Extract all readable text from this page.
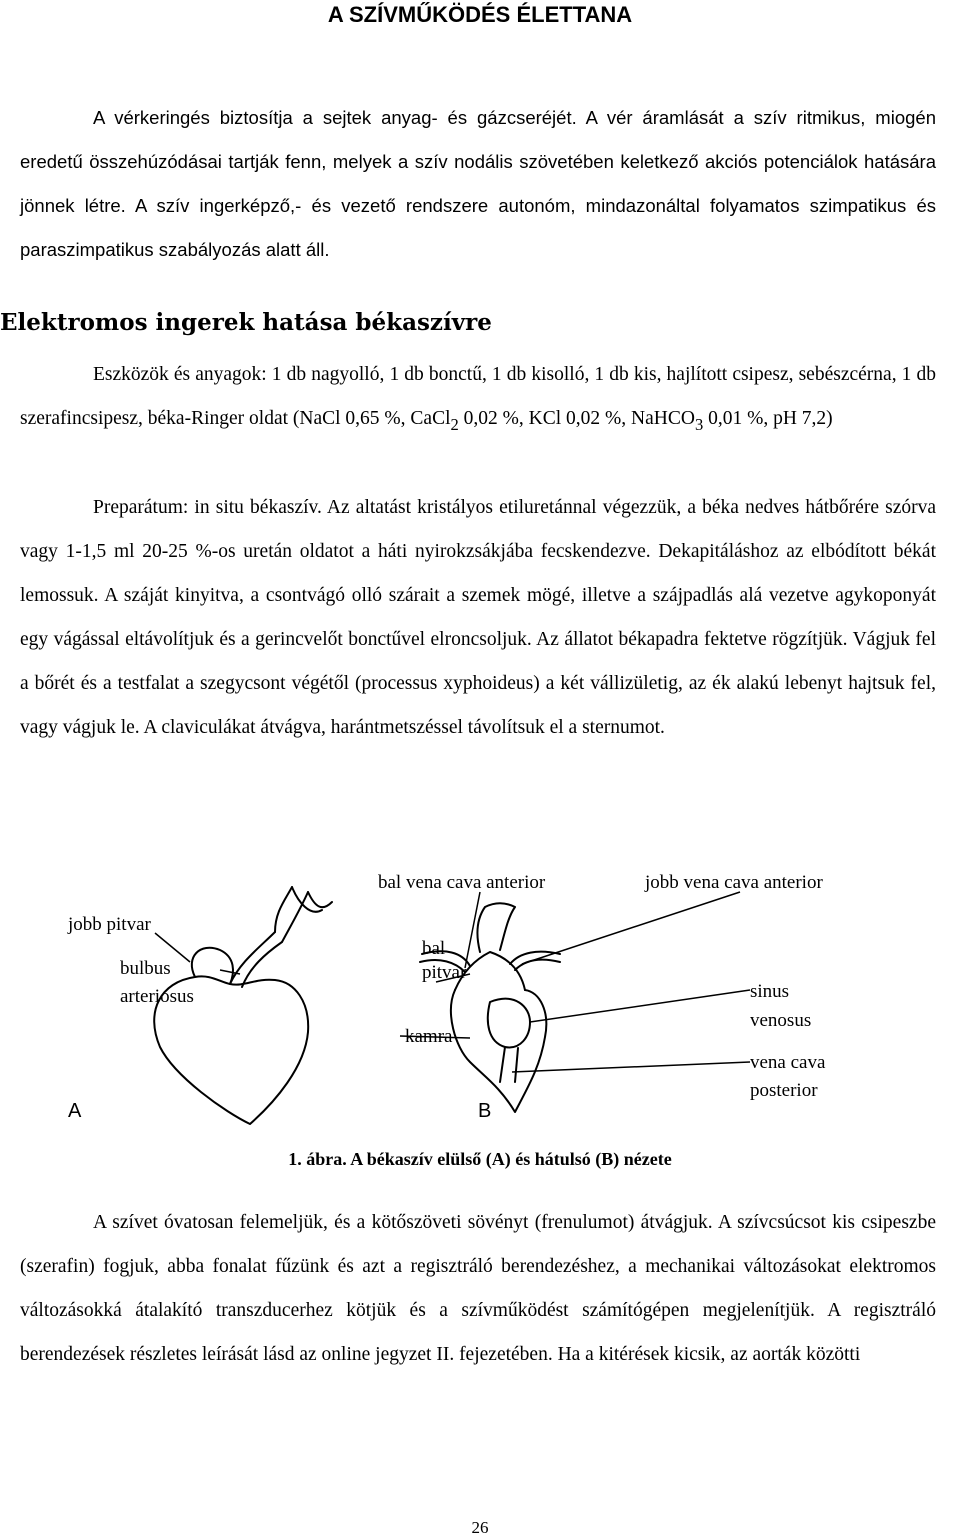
A SZÍVMŰKÖDÉS ÉLETTANA

A vérkeringés biztosítja a sejtek anyag- és gázcseréjét. A vér áramlását a szív ritmikus, miogén eredetű összehúzódásai tartják fenn, melyek a szív nodális szövetében keletkező akciós potenciálok hatására jönnek létre. A szív ingerképző,- és vezető rendszere autonóm, mindazonáltal folyamatos szimpatikus és paraszimpatikus szabályozás alatt áll.

Elektromos ingerek hatása békaszívre

Eszközök és anyagok: 1 db nagyolló, 1 db bonctű, 1 db kisolló, 1 db kis, hajlított csipesz, sebészcérna, 1 db szerafincsipesz, béka-Ringer oldat (NaCl 0,65 %, CaCl$_2$ 0,02 %, KCl 0,02 %, NaHCO$_3$ 0,01 %, pH 7,2)

Preparátum: in situ békaszív. Az altatást kristályos etiluretánnal végezzük, a béka nedves hátbőrére szórva vagy 1-1,5 ml 20-25 %-os uretán oldatot a háti nyirokzsákjába fecskendezve. Dekapitáláshoz az elbódított békát lemossuk. A száját kinyitva, a csontvágó olló szárait a szemek mögé, illetve a szájpadlás alá vezetve agykoponyát egy vágással eltávolítjuk és a gerincvelőt bonctűvel elroncsoljuk. Az állatot békapadra fektetve rögzítjük. Vágjuk fel a bőrét és a testfalat a szegycsont végétől (processus xyphoideus) a két vállizületig, az ék alakú lebenyt hajtsuk fel, vagy vágjuk le. A claviculákat átvágva, harántmetszéssel távolítsuk el a sternumot.

jobb pitvar
bulbus
arteriosus
bal vena cava anterior	jobb vena cava anterior
bal
pitvar
kamra
sinus
venosus
vena cava
posterior
A	B

1. ábra. A békaszív elülső (A) és hátulsó (B) nézete

A szívet óvatosan felemeljük, és a kötőszöveti sövényt (frenulumot) átvágjuk. A szívcsúcsot kis csipeszbe (szerafin) fogjuk, abba fonalat fűzünk és azt a regisztráló berendezéshez, a mechanikai változásokat elektromos változásokká átalakító transzducerhez kötjük és a szívműködést számítógépen megjelenítjük. A regisztráló berendezések részletes leírását lásd az online jegyzet II. fejezetében. Ha a kitérések kicsik, az aorták közötti

26
